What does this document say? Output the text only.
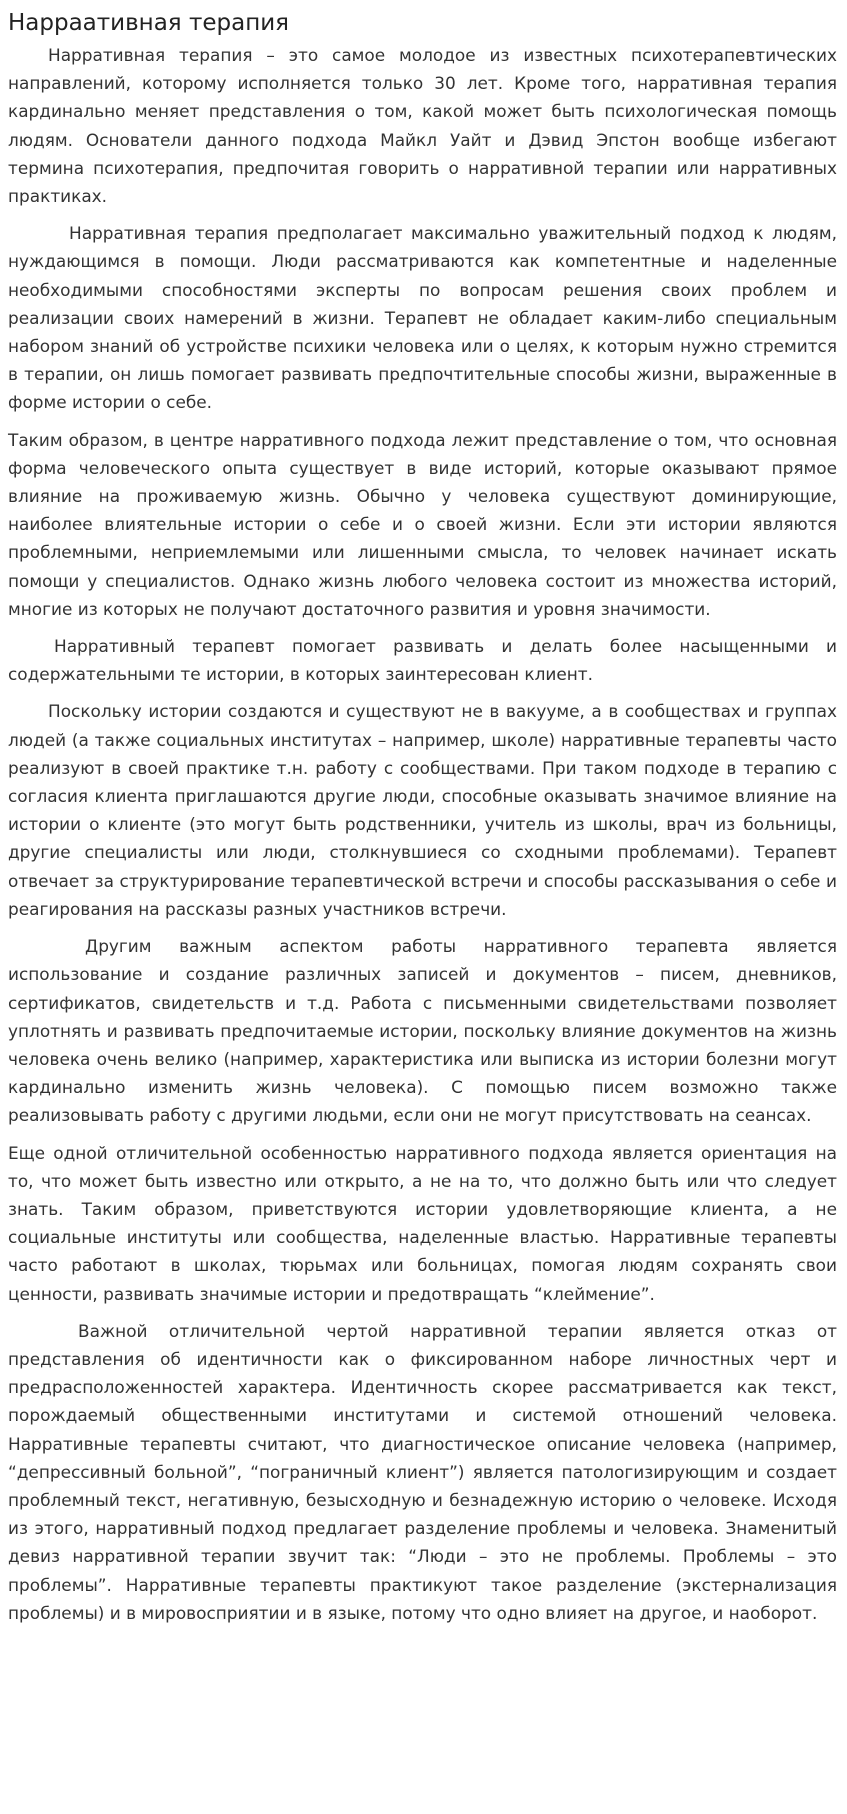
Нарраативная терапия

Нарративная терапия – это самое молодое из известных психотерапевтических направлений, которому исполняется только 30 лет. Кроме того, нарративная терапия кардинально меняет представления о том, какой может быть психологическая помощь людям. Основатели данного подхода Майкл Уайт и Дэвид Эпстон вообще избегают термина психотерапия, предпочитая говорить о нарративной терапии или нарративных практиках.

Нарративная терапия предполагает максимально уважительный подход к людям, нуждающимся в помощи. Люди рассматриваются как компетентные и наделенные необходимыми способностями эксперты по вопросам решения своих проблем и реализации своих намерений в жизни. Терапевт не обладает каким-либо специальным набором знаний об устройстве психики человека или о целях, к которым нужно стремится в терапии, он лишь помогает развивать предпочтительные способы жизни, выраженные в форме истории о себе.

Таким образом, в центре нарративного подхода лежит представление о том, что основная форма человеческого опыта существует в виде историй, которые оказывают прямое влияние на проживаемую жизнь. Обычно у человека существуют доминирующие, наиболее влиятельные истории о себе и о своей жизни. Если эти истории являются проблемными, неприемлемыми или лишенными смысла, то человек начинает искать помощи у специалистов. Однако жизнь любого человека состоит из множества историй, многие из которых не получают достаточного развития и уровня значимости.

Нарративный терапевт помогает развивать и делать более насыщенными и содержательными те истории, в которых заинтересован клиент.

Поскольку истории создаются и существуют не в вакууме, а в сообществах и группах людей (а также социальных институтах – например, школе) нарративные терапевты часто реализуют в своей практике т.н. работу с сообществами. При таком подходе в терапию с согласия клиента приглашаются другие люди, способные оказывать значимое влияние на истории о клиенте (это могут быть родственники, учитель из школы, врач из больницы, другие специалисты или люди, столкнувшиеся со сходными проблемами). Терапевт отвечает за структурирование терапевтической встречи и способы рассказывания о себе и реагирования на рассказы разных участников встречи.

Другим важным аспектом работы нарративного терапевта является использование и создание различных записей и документов – писем, дневников, сертификатов, свидетельств и т.д. Работа с письменными свидетельствами позволяет уплотнять и развивать предпочитаемые истории, поскольку влияние документов на жизнь человека очень велико (например, характеристика или выписка из истории болезни могут кардинально изменить жизнь человека). С помощью писем возможно также реализовывать работу с другими людьми, если они не могут присутствовать на сеансах.

Еще одной отличительной особенностью нарративного подхода является ориентация на то, что может быть известно или открыто, а не на то, что должно быть или что следует знать. Таким образом, приветствуются истории удовлетворяющие клиента, а не социальные институты или сообщества, наделенные властью. Нарративные терапевты часто работают в школах, тюрьмах или больницах, помогая людям сохранять свои ценности, развивать значимые истории и предотвращать “клеймение”.

Важной отличительной чертой нарративной терапии является отказ от представления об идентичности как о фиксированном наборе личностных черт и предрасположенностей характера. Идентичность скорее рассматривается как текст, порождаемый общественными институтами и системой отношений человека. Нарративные терапевты считают, что диагностическое описание человека (например, “депрессивный больной”, “пограничный клиент”) является патологизирующим и создает проблемный текст, негативную, безысходную и безнадежную историю о человеке. Исходя из этого, нарративный подход предлагает разделение проблемы и человека. Знаменитый девиз нарративной терапии звучит так: “Люди – это не проблемы. Проблемы – это проблемы”. Нарративные терапевты практикуют такое разделение (экстернализация проблемы) и в мировосприятии и в языке, потому что одно влияет на другое, и наоборот.
